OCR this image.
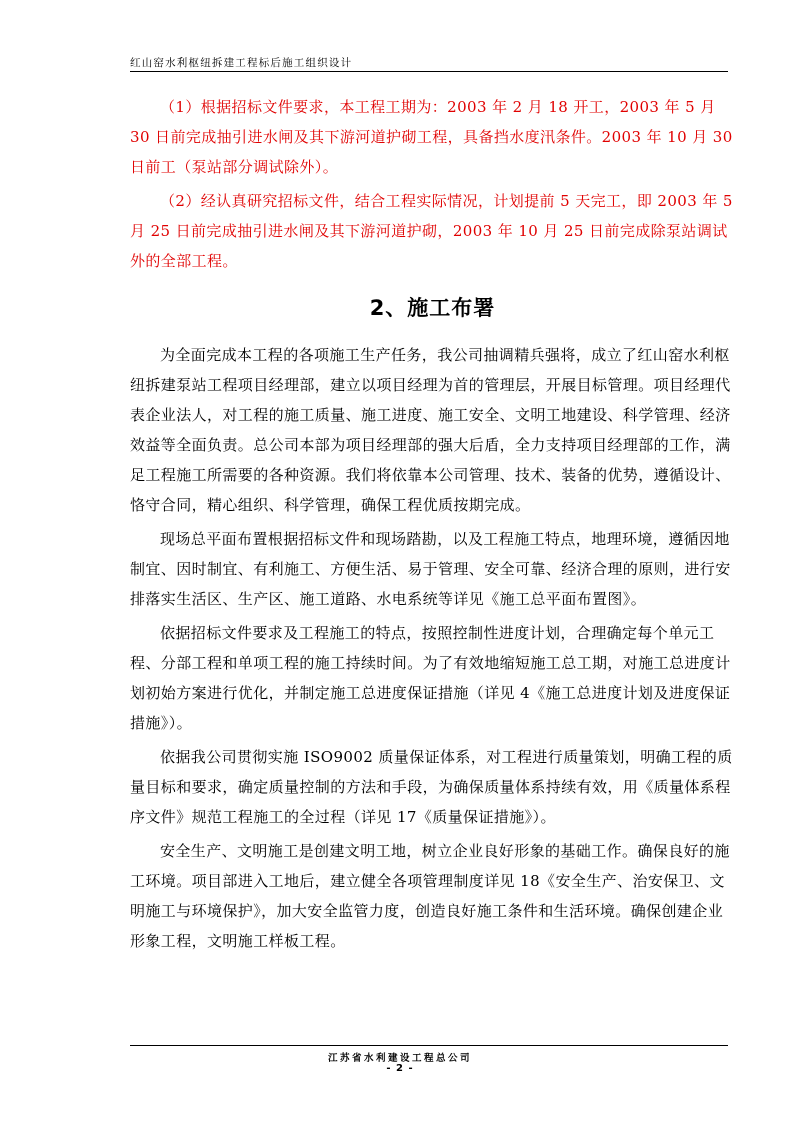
红山窑水利枢纽拆建工程标后施工组织设计

（1）根据招标文件要求，本工程工期为：2003 年 2 月 18 开工，2003 年 5 月 30 日前完成抽引进水闸及其下游河道护砌工程，具备挡水度汛条件。2003 年 10 月 30 日前工（泵站部分调试除外）。

（2）经认真研究招标文件，结合工程实际情况，计划提前 5 天完工，即 2003 年 5 月 25 日前完成抽引进水闸及其下游河道护砌，2003 年 10 月 25 日前完成除泵站调试外的全部工程。

2、施工布署

为全面完成本工程的各项施工生产任务，我公司抽调精兵强将，成立了红山窑水利枢纽拆建泵站工程项目经理部，建立以项目经理为首的管理层，开展目标管理。项目经理代表企业法人，对工程的施工质量、施工进度、施工安全、文明工地建设、科学管理、经济效益等全面负责。总公司本部为项目经理部的强大后盾，全力支持项目经理部的工作，满足工程施工所需要的各种资源。我们将依靠本公司管理、技术、装备的优势，遵循设计、恪守合同，精心组织、科学管理，确保工程优质按期完成。

现场总平面布置根据招标文件和现场踏勘，以及工程施工特点，地理环境，遵循因地制宜、因时制宜、有利施工、方便生活、易于管理、安全可靠、经济合理的原则，进行安排落实生活区、生产区、施工道路、水电系统等详见《施工总平面布置图》。

依据招标文件要求及工程施工的特点，按照控制性进度计划，合理确定每个单元工程、分部工程和单项工程的施工持续时间。为了有效地缩短施工总工期，对施工总进度计划初始方案进行优化，并制定施工总进度保证措施（详见 4《施工总进度计划及进度保证措施》）。

依据我公司贯彻实施 ISO9002 质量保证体系，对工程进行质量策划，明确工程的质量目标和要求，确定质量控制的方法和手段，为确保质量体系持续有效，用《质量体系程序文件》规范工程施工的全过程（详见 17《质量保证措施》）。

安全生产、文明施工是创建文明工地，树立企业良好形象的基础工作。确保良好的施工环境。项目部进入工地后，建立健全各项管理制度详见 18《安全生产、治安保卫、文明施工与环境保护》，加大安全监管力度，创造良好施工条件和生活环境。确保创建企业形象工程，文明施工样板工程。

江苏省水利建设工程总公司
- 2 -
